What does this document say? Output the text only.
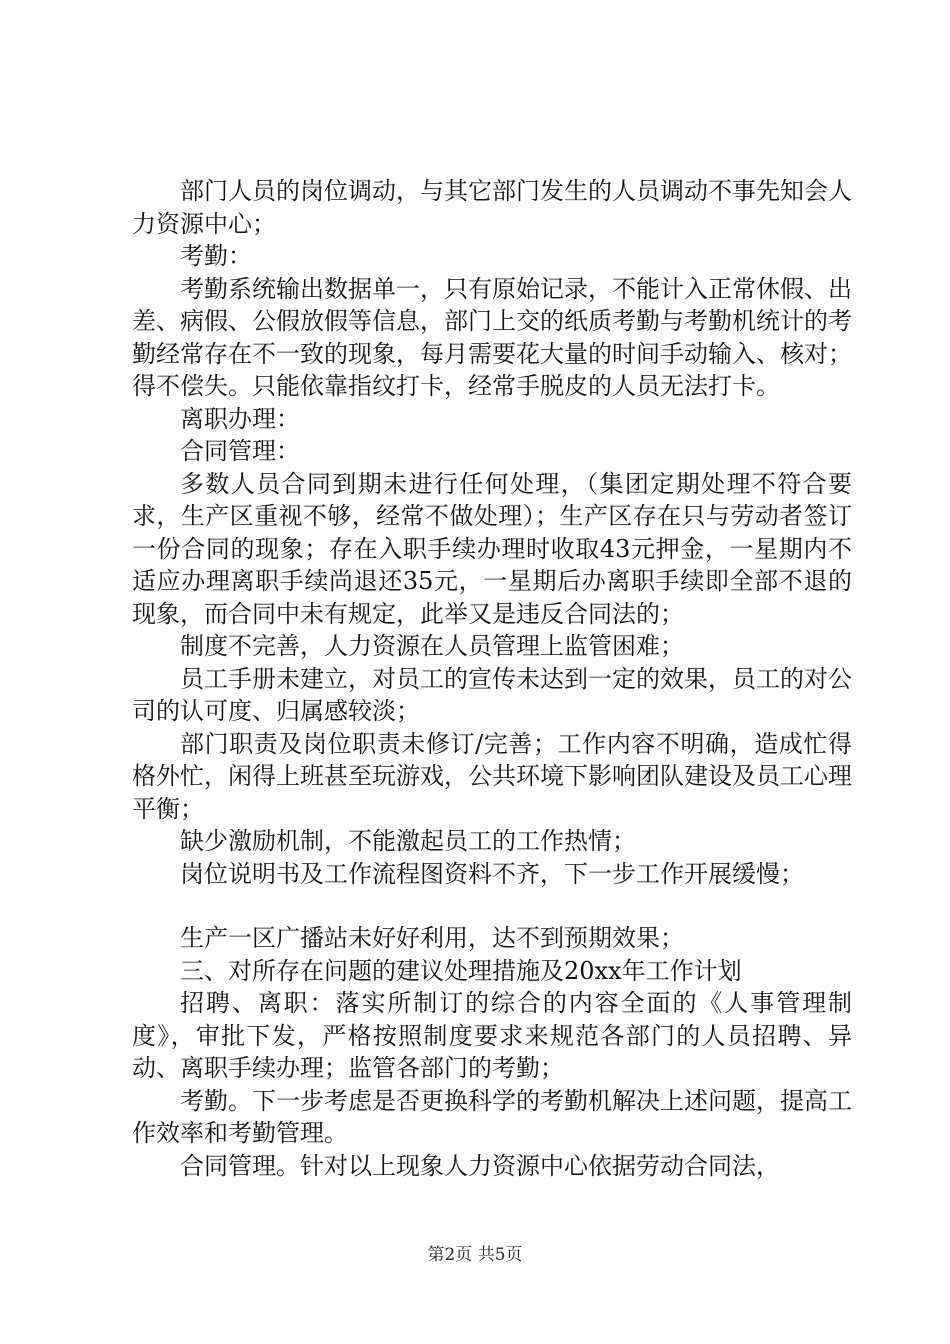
部门人员的岗位调动，与其它部门发生的人员调动不事先知会人力资源中心；

考勤：

考勤系统输出数据单一，只有原始记录，不能计入正常休假、出差、病假、公假放假等信息，部门上交的纸质考勤与考勤机统计的考勤经常存在不一致的现象，每月需要花大量的时间手动输入、核对；得不偿失。只能依靠指纹打卡，经常手脱皮的人员无法打卡。

离职办理：

合同管理：

多数人员合同到期未进行任何处理，（集团定期处理不符合要求，生产区重视不够，经常不做处理）；生产区存在只与劳动者签订一份合同的现象；存在入职手续办理时收取43元押金，一星期内不适应办理离职手续尚退还35元，一星期后办离职手续即全部不退的现象，而合同中未有规定，此举又是违反合同法的；

制度不完善，人力资源在人员管理上监管困难；

员工手册未建立，对员工的宣传未达到一定的效果，员工的对公司的认可度、归属感较淡；

部门职责及岗位职责未修订/完善；工作内容不明确，造成忙得格外忙，闲得上班甚至玩游戏，公共环境下影响团队建设及员工心理平衡；

缺少激励机制，不能激起员工的工作热情；

岗位说明书及工作流程图资料不齐，下一步工作开展缓慢；

生产一区广播站未好好利用，达不到预期效果；

三、对所存在问题的建议处理措施及20xx年工作计划

招聘、离职：落实所制订的综合的内容全面的《人事管理制度》，审批下发，严格按照制度要求来规范各部门的人员招聘、异动、离职手续办理；监管各部门的考勤；

考勤。下一步考虑是否更换科学的考勤机解决上述问题，提高工作效率和考勤管理。

合同管理。针对以上现象人力资源中心依据劳动合同法，

第2页 共5页
